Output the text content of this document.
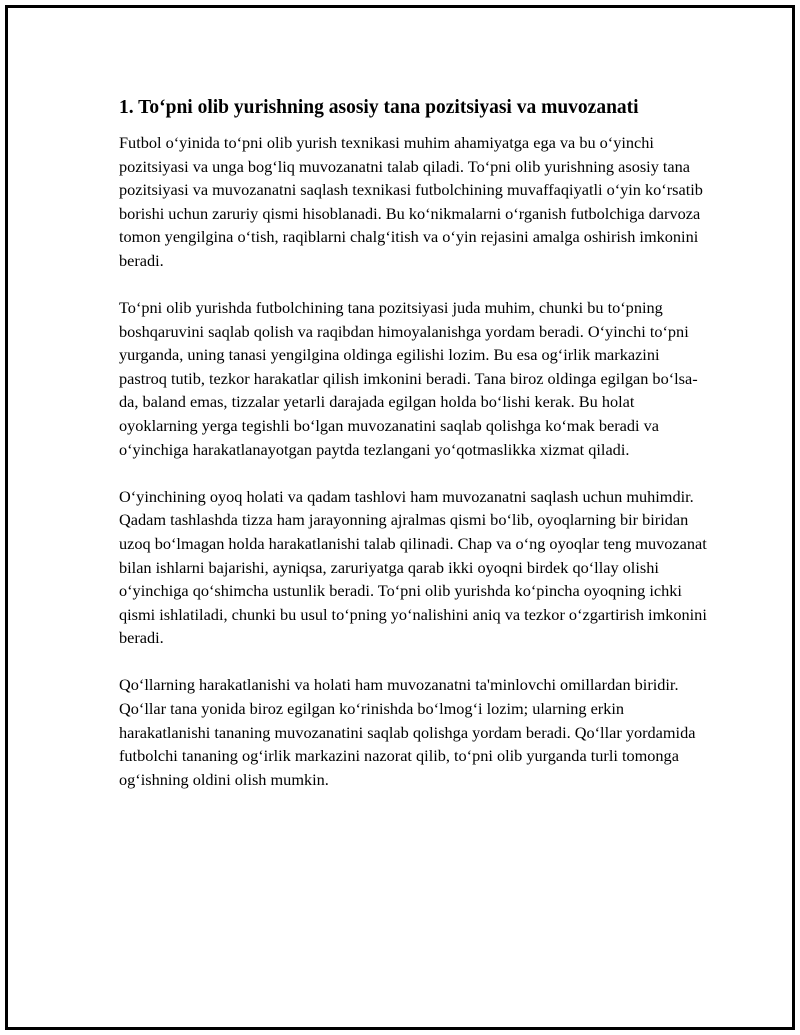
1. To‘pni olib yurishning asosiy tana pozitsiyasi va muvozanati

Futbol o‘yinida to‘pni olib yurish texnikasi muhim ahamiyatga ega va bu o‘yinchi pozitsiyasi va unga bog‘liq muvozanatni talab qiladi. To‘pni olib yurishning asosiy tana pozitsiyasi va muvozanatni saqlash texnikasi futbolchining muvaffaqiyatli o‘yin ko‘rsatib borishi uchun zaruriy qismi hisoblanadi. Bu ko‘nikmalarni o‘rganish futbolchiga darvoza tomon yengilgina o‘tish, raqiblarni chalg‘itish va o‘yin rejasini amalga oshirish imkonini beradi.

To‘pni olib yurishda futbolchining tana pozitsiyasi juda muhim, chunki bu to‘pning boshqaruvini saqlab qolish va raqibdan himoyalanishga yordam beradi. O‘yinchi to‘pni yurganda, uning tanasi yengilgina oldinga egilishi lozim. Bu esa og‘irlik markazini pastroq tutib, tezkor harakatlar qilish imkonini beradi. Tana biroz oldinga egilgan bo‘lsa-da, baland emas, tizzalar yetarli darajada egilgan holda bo‘lishi kerak. Bu holat oyoklarning yerga tegishli bo‘lgan muvozanatini saqlab qolishga ko‘mak beradi va o‘yinchiga harakatlanayotgan paytda tezlangani yo‘qotmaslikka xizmat qiladi.

O‘yinchining oyoq holati va qadam tashlovi ham muvozanatni saqlash uchun muhimdir. Qadam tashlashda tizza ham jarayonning ajralmas qismi bo‘lib, oyoqlarning bir biridan uzoq bo‘lmagan holda harakatlanishi talab qilinadi. Chap va o‘ng oyoqlar teng muvozanat bilan ishlarni bajarishi, ayniqsa, zaruriyatga qarab ikki oyoqni birdek qo‘llay olishi o‘yinchiga qo‘shimcha ustunlik beradi. To‘pni olib yurishda ko‘pincha oyoqning ichki qismi ishlatiladi, chunki bu usul to‘pning yo‘nalishini aniq va tezkor o‘zgartirish imkonini beradi.

Qo‘llarning harakatlanishi va holati ham muvozanatni ta'minlovchi omillardan biridir. Qo‘llar tana yonida biroz egilgan ko‘rinishda bo‘lmog‘i lozim; ularning erkin harakatlanishi tananing muvozanatini saqlab qolishga yordam beradi. Qo‘llar yordamida futbolchi tananing og‘irlik markazini nazorat qilib, to‘pni olib yurganda turli tomonga og‘ishning oldini olish mumkin.
